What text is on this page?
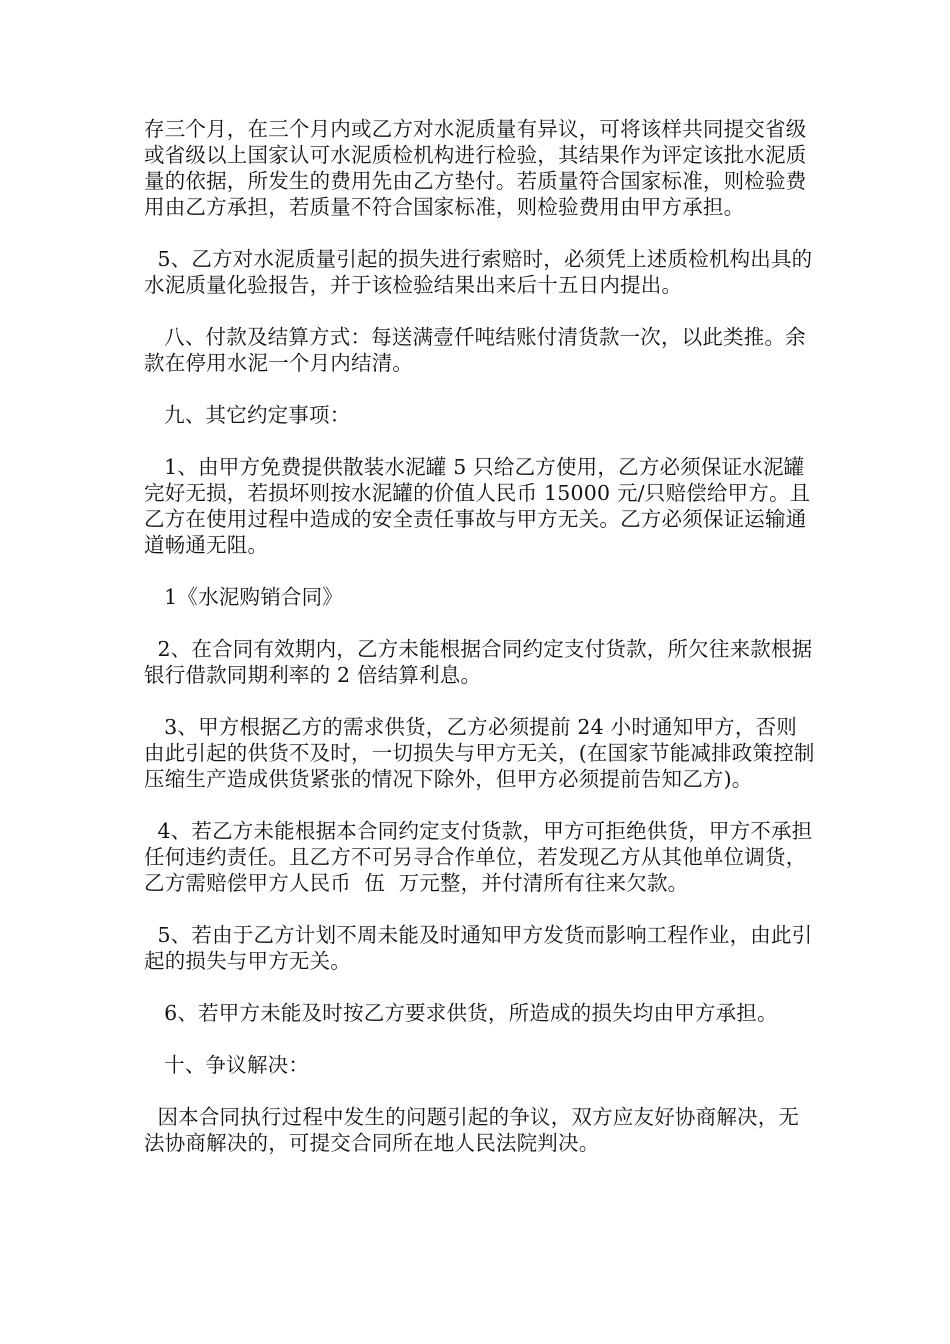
存三个月，在三个月内或乙方对水泥质量有异议，可将该样共同提交省级或省级以上国家认可水泥质检机构进行检验，其结果作为评定该批水泥质量的依据，所发生的费用先由乙方垫付。若质量符合国家标准，则检验费用由乙方承担，若质量不符合国家标准，则检验费用由甲方承担。

5、乙方对水泥质量引起的损失进行索赔时，必须凭上述质检机构出具的水泥质量化验报告，并于该检验结果出来后十五日内提出。

八、付款及结算方式：每送满壹仟吨结账付清货款一次，以此类推。余款在停用水泥一个月内结清。

九、其它约定事项：

1、由甲方免费提供散装水泥罐 5 只给乙方使用，乙方必须保证水泥罐完好无损，若损坏则按水泥罐的价值人民币 15000 元/只赔偿给甲方。且乙方在使用过程中造成的安全责任事故与甲方无关。乙方必须保证运输通道畅通无阻。

1《水泥购销合同》

2、在合同有效期内，乙方未能根据合同约定支付货款，所欠往来款根据银行借款同期利率的 2 倍结算利息。

3、甲方根据乙方的需求供货，乙方必须提前 24 小时通知甲方，否则由此引起的供货不及时，一切损失与甲方无关，(在国家节能减排政策控制压缩生产造成供货紧张的情况下除外，但甲方必须提前告知乙方)。

4、若乙方未能根据本合同约定支付货款，甲方可拒绝供货，甲方不承担任何违约责任。且乙方不可另寻合作单位，若发现乙方从其他单位调货，乙方需赔偿甲方人民币  伍  万元整，并付清所有往来欠款。

5、若由于乙方计划不周未能及时通知甲方发货而影响工程作业，由此引起的损失与甲方无关。

6、若甲方未能及时按乙方要求供货，所造成的损失均由甲方承担。

十、争议解决：

因本合同执行过程中发生的问题引起的争议，双方应友好协商解决，无法协商解决的，可提交合同所在地人民法院判决。
